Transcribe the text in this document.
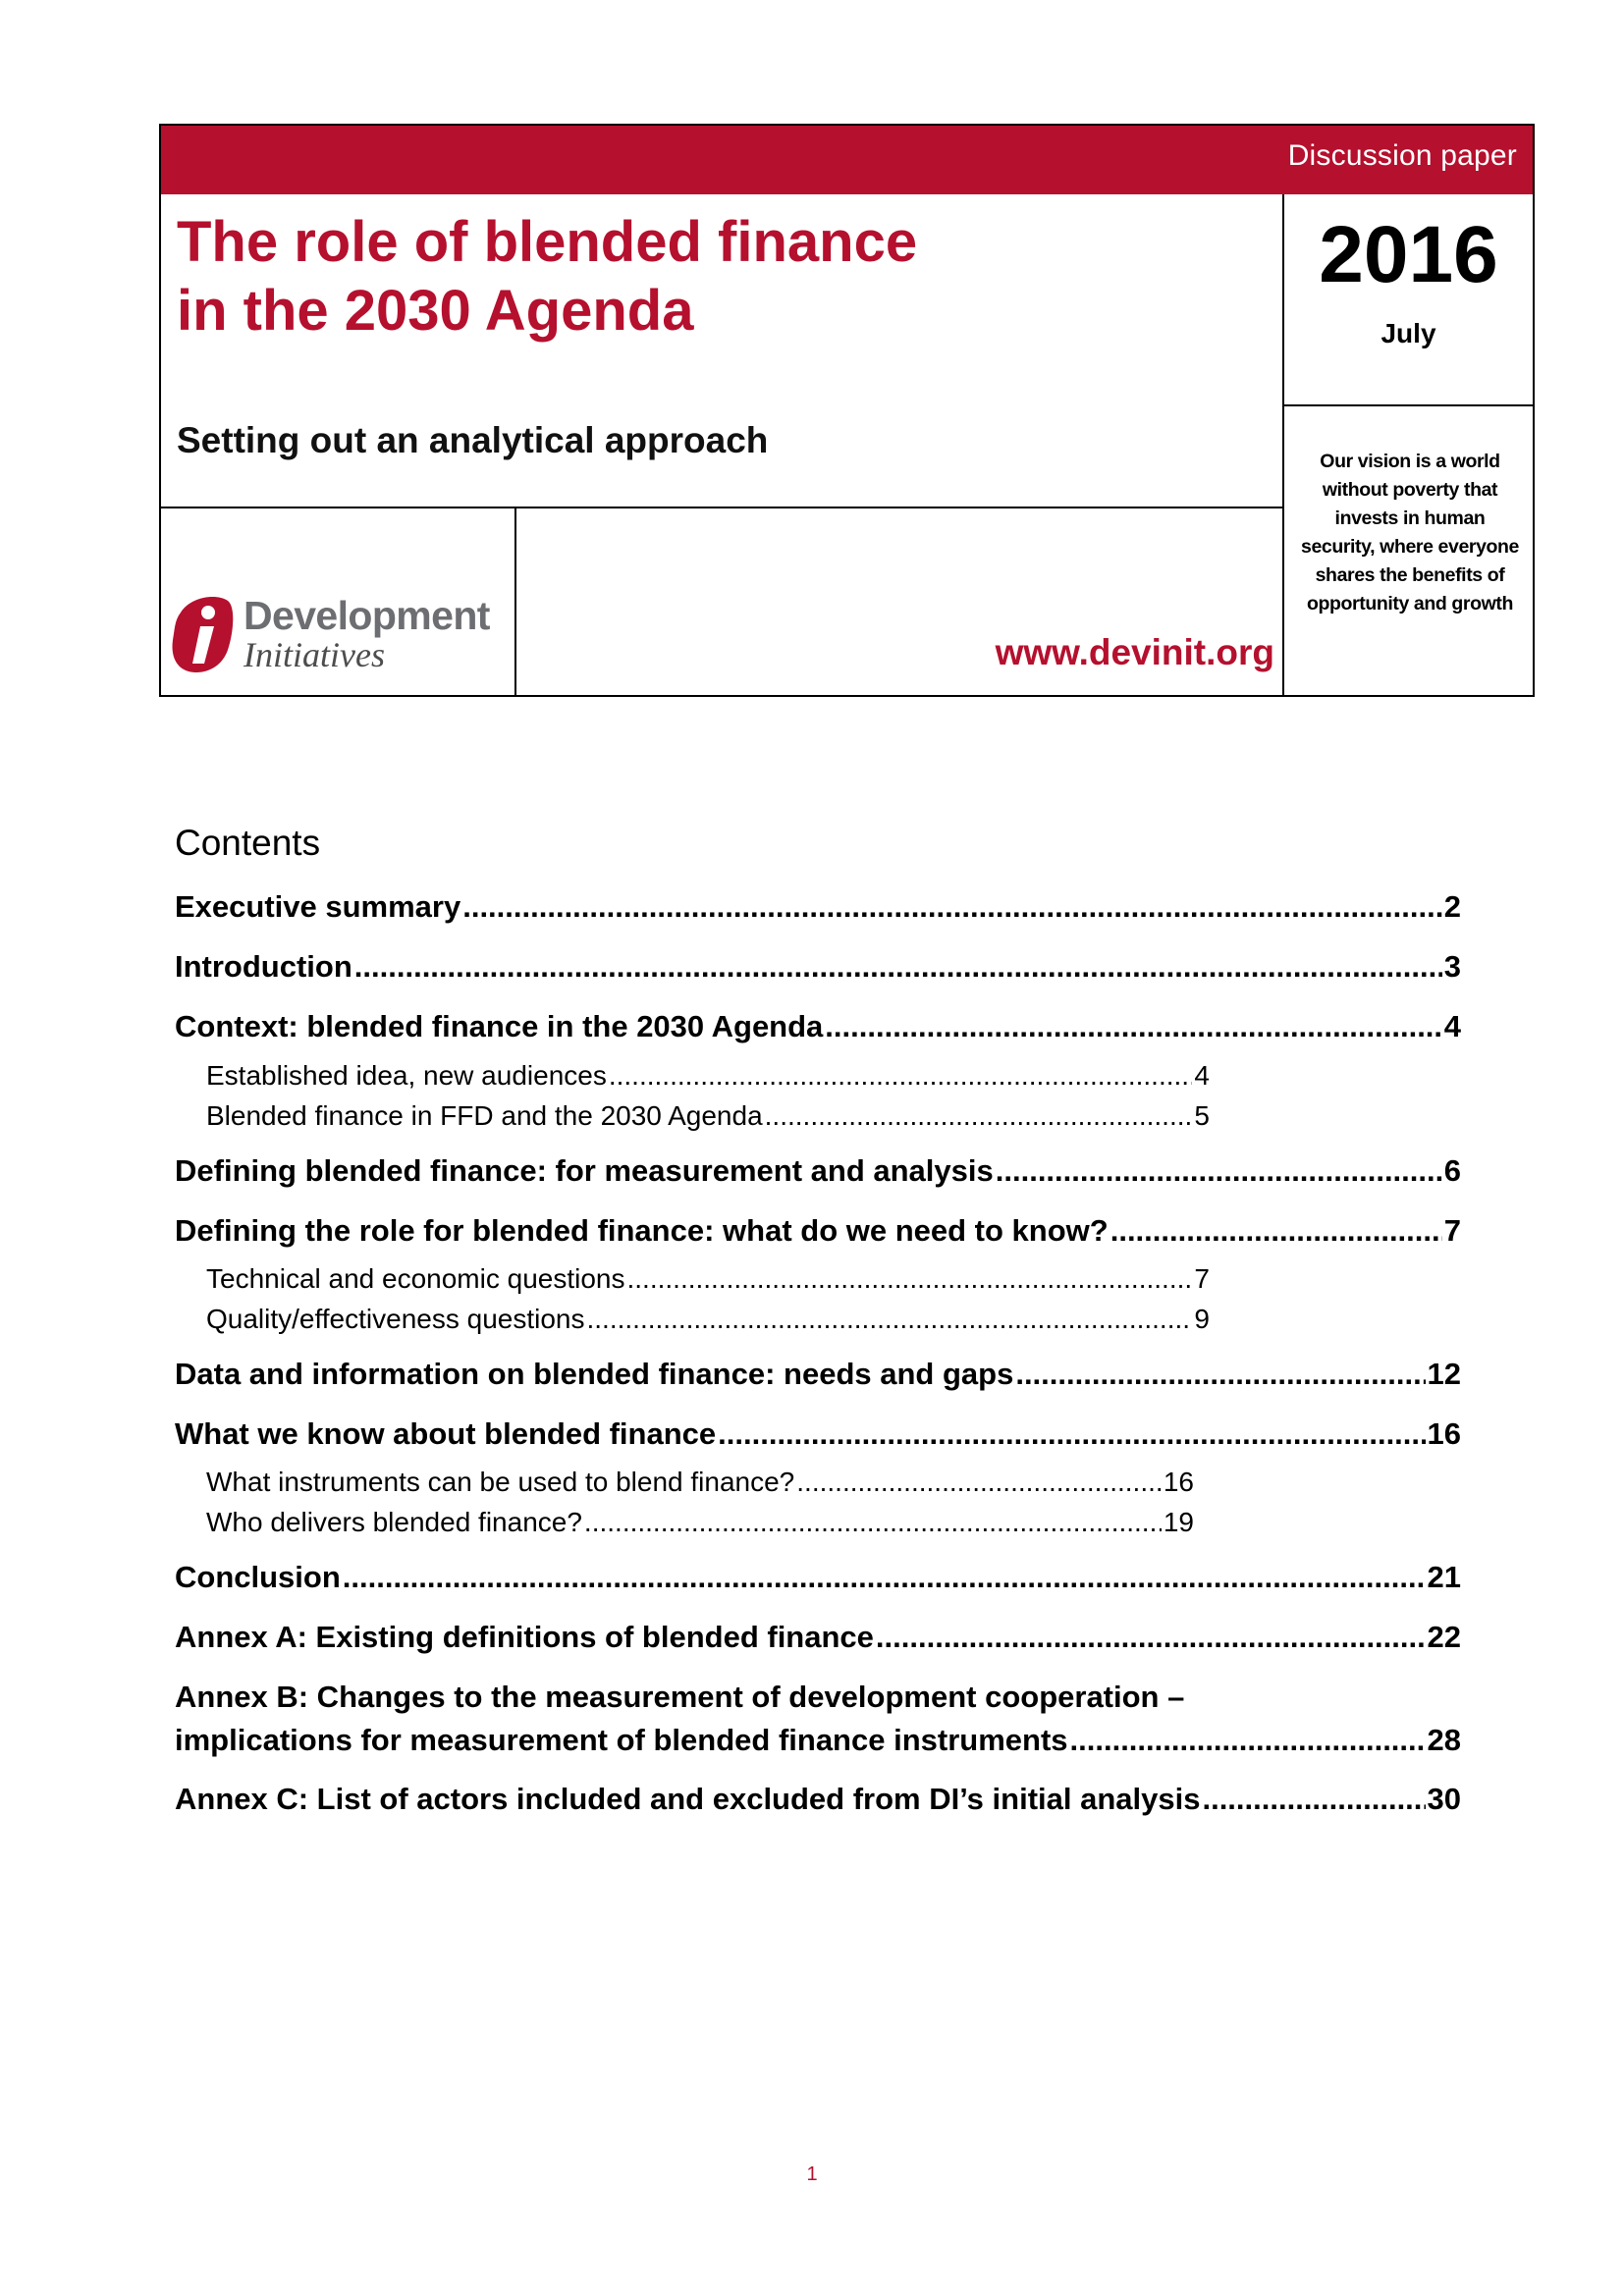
Discussion paper
The role of blended finance
in the 2030 Agenda
Setting out an analytical approach
2016
July
Our vision is a world without poverty that invests in human security, where everyone shares the benefits of opportunity and growth
Development
Initiatives	www.devinit.org
Contents
Executive summary .....	2
Introduction .....	3
Context: blended finance in the 2030 Agenda .....	4
Established idea, new audiences .....	4
Blended finance in FFD and the 2030 Agenda .....	5
Defining blended finance: for measurement and analysis .....	6
Defining the role for blended finance: what do we need to know? .....	7
Technical and economic questions .....	7
Quality/effectiveness questions .....	9
Data and information on blended finance: needs and gaps .....	12
What we know about blended finance .....	16
What instruments can be used to blend finance? .....	16
Who delivers blended finance? .....	19
Conclusion .....	21
Annex A: Existing definitions of blended finance .....	22
Annex B: Changes to the measurement of development cooperation –
implications for measurement of blended finance instruments .....	28
Annex C: List of actors included and excluded from DI’s initial analysis .....	30
1
